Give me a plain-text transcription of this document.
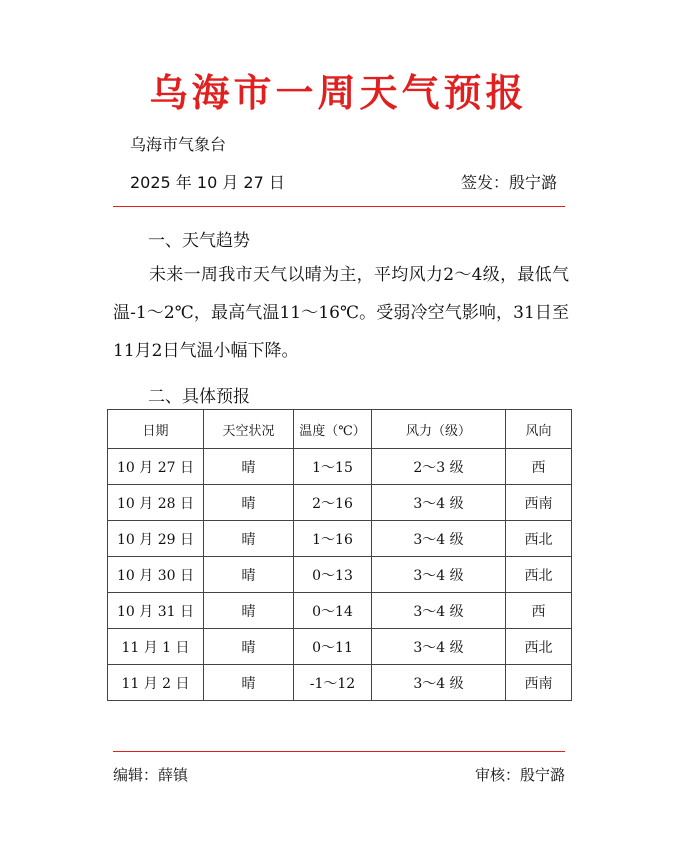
乌海市一周天气预报
乌海市气象台
2025 年 10 月 27 日	签发：殷宁潞
一、天气趋势
未来一周我市天气以晴为主，平均风力2～4级，最低气温-1～2℃，最高气温11～16℃。受弱冷空气影响，31日至11月2日气温小幅下降。
二、具体预报
日期	天空状况	温度（℃）	风力（级）	风向
10 月 27 日	晴	1～15	2～3 级	西
10 月 28 日	晴	2～16	3～4 级	西南
10 月 29 日	晴	1～16	3～4 级	西北
10 月 30 日	晴	0～13	3～4 级	西北
10 月 31 日	晴	0～14	3～4 级	西
11 月 1 日	晴	0～11	3～4 级	西北
11 月 2 日	晴	-1～12	3～4 级	西南
编辑：薛镇	审核：殷宁潞
